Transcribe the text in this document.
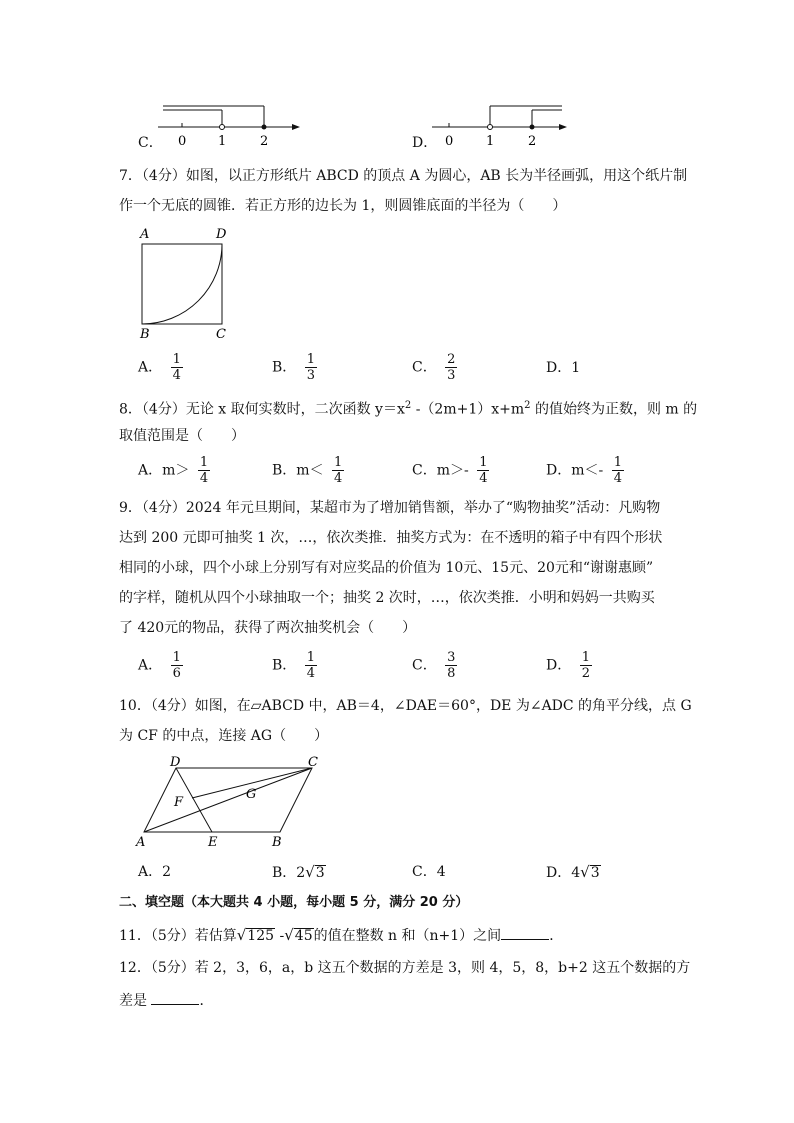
C． 0 1	2	D． 0	1	2
7．（4分）如图，以正方形纸片 ABCD 的顶点 A 为圆心，AB 长为半径画弧，用这个纸片制
作一个无底的圆锥．若正方形的边长为 1，则圆锥底面的半径为（　　）
A	D
B	C
A． $\frac{1}{4}$	B． $\frac{1}{3}$	C． $\frac{2}{3}$	D．1
8．（4分）无论 x 取何实数时，二次函数 $y=x^2$ $-(2m+1)x+m^2$ 的值始终为正数，则 m 的
取值范围是（　　）
A．$m> \frac{1}{4}$	B．$m< \frac{1}{4}$	C．$m>- \frac{1}{4}$	D．$m<- \frac{1}{4}$
9．（4分）2024 年元旦期间，某超市为了增加销售额，举办了“购物抽奖”活动：凡购物
达到 200 元即可抽奖 1 次，…，依次类推．抽奖方式为：在不透明的箱子中有四个形状
相同的小球，四个小球上分别写有对应奖品的价值为 10元、15元、20元和“谢谢惠顾”
的字样，随机从四个小球抽取一个；抽奖 2 次时，…，依次类推．小明和妈妈一共购买
了 420元的物品，获得了两次抽奖机会（　　）
A． $\frac{1}{6}$	B． $\frac{1}{4}$	C． $\frac{3}{8}$	D． $\frac{1}{2}$
10．（4分）如图，在▱ABCD 中，AB＝4，∠DAE＝60°，DE 为∠ADC 的角平分线，点 G
为 CF 的中点，连接 AG（　　）
D	C
A	E	B
F
G
A．2	B．2√3	C．4	D．4√3
二、填空题（本大题共 4 小题，每小题 5 分，满分 20 分）
11．（5分）若估算√125 -√45的值在整数 n 和（n+1）之间	．
12．（5分）若 2，3，6，a，b 这五个数据的方差是 3，则 4，5，8，b+2 这五个数据的方
差是	．
